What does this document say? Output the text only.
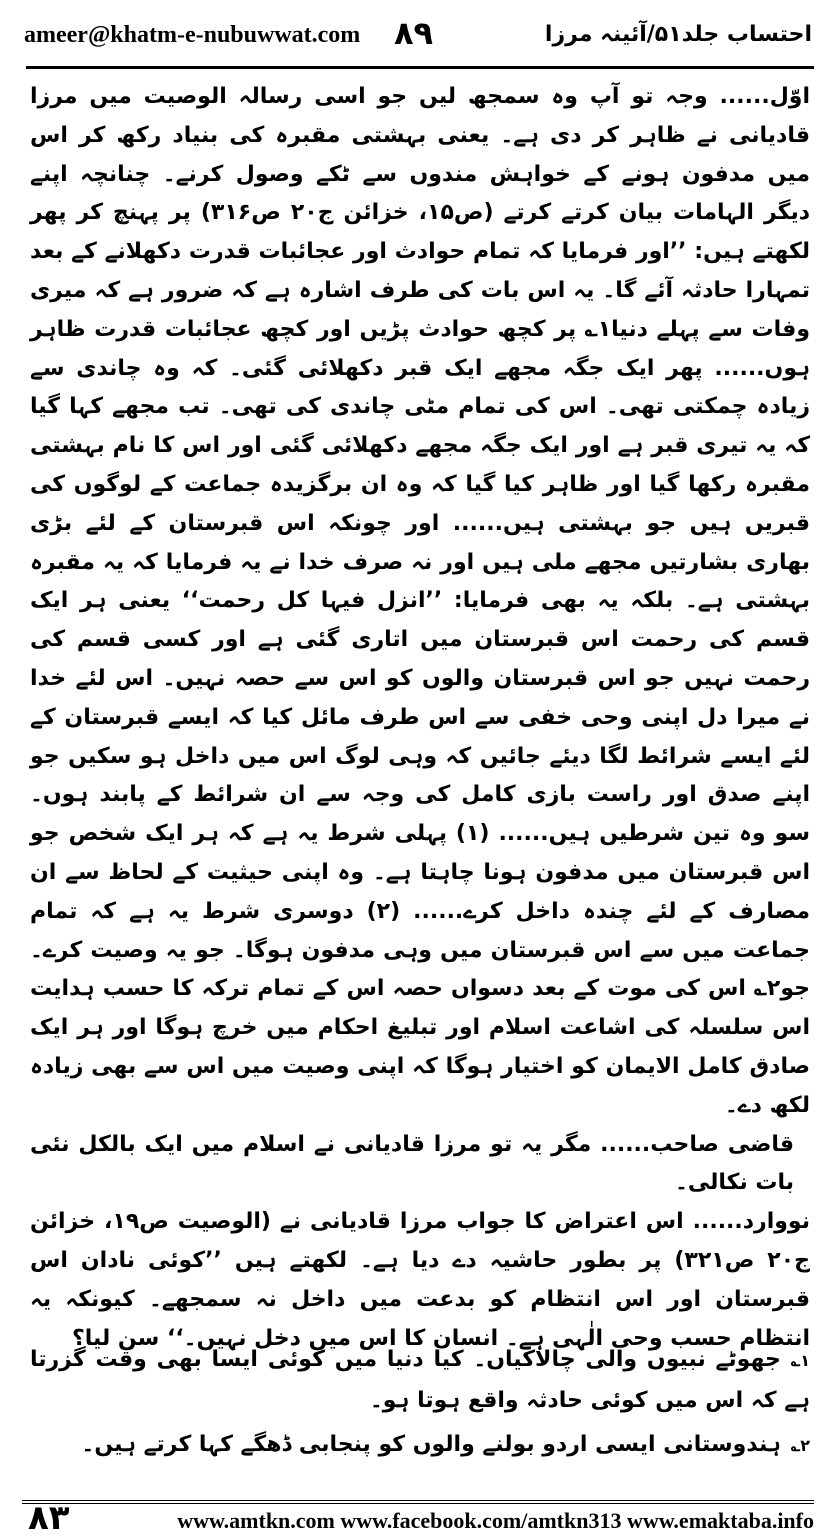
ameer@khatm-e-nubuwwat.com ۸۹	احتساب جلد۵۱/آئینہ مرزا

اوّل...... وجہ تو آپ وہ سمجھ لیں جو اسی رسالہ الوصیت میں مرزا قادیانی نے ظاہر کر دی ہے۔ یعنی بہشتی مقبرہ کی بنیاد رکھ کر اس میں مدفون ہونے کے خواہش مندوں سے ٹکے وصول کرنے۔ چنانچہ اپنے دیگر الہامات بیان کرتے کرتے (ص۱۵، خزائن ج۲۰ ص۳۱۶) پر پہنچ کر پھر لکھتے ہیں: ’’اور فرمایا کہ تمام حوادث اور عجائبات قدرت دکھلانے کے بعد تمہارا حادثہ آئے گا۔ یہ اس بات کی طرف اشارہ ہے کہ ضرور ہے کہ میری وفات سے پہلے دنیا۱؎ پر کچھ حوادث پڑیں اور کچھ عجائبات قدرت ظاہر ہوں...... پھر ایک جگہ مجھے ایک قبر دکھلائی گئی۔ کہ وہ چاندی سے زیادہ چمکتی تھی۔ اس کی تمام مٹی چاندی کی تھی۔ تب مجھے کہا گیا کہ یہ تیری قبر ہے اور ایک جگہ مجھے دکھلائی گئی اور اس کا نام بہشتی مقبرہ رکھا گیا اور ظاہر کیا گیا کہ وہ ان برگزیدہ جماعت کے لوگوں کی قبریں ہیں جو بہشتی ہیں...... اور چونکہ اس قبرستان کے لئے بڑی بھاری بشارتیں مجھے ملی ہیں اور نہ صرف خدا نے یہ فرمایا کہ یہ مقبرہ بہشتی ہے۔ بلکہ یہ بھی فرمایا: ’’انزل فیہا کل رحمت‘‘ یعنی ہر ایک قسم کی رحمت اس قبرستان میں اتاری گئی ہے اور کسی قسم کی رحمت نہیں جو اس قبرستان والوں کو اس سے حصہ نہیں۔ اس لئے خدا نے میرا دل اپنی وحی خفی سے اس طرف مائل کیا کہ ایسے قبرستان کے لئے ایسے شرائط لگا دیئے جائیں کہ وہی لوگ اس میں داخل ہو سکیں جو اپنے صدق اور راست بازی کامل کی وجہ سے ان شرائط کے پابند ہوں۔ سو وہ تین شرطیں ہیں...... (۱) پہلی شرط یہ ہے کہ ہر ایک شخص جو اس قبرستان میں مدفون ہونا چاہتا ہے۔ وہ اپنی حیثیت کے لحاظ سے ان مصارف کے لئے چندہ داخل کرے...... (۲) دوسری شرط یہ ہے کہ تمام جماعت میں سے اس قبرستان میں وہی مدفون ہوگا۔ جو یہ وصیت کرے۔ جو۲؎ اس کی موت کے بعد دسواں حصہ اس کے تمام ترکہ کا حسب ہدایت اس سلسلہ کی اشاعت اسلام اور تبلیغ احکام میں خرچ ہوگا اور ہر ایک صادق کامل الایمان کو اختیار ہوگا کہ اپنی وصیت میں اس سے بھی زیادہ لکھ دے۔

قاضی صاحب...... مگر یہ تو مرزا قادیانی نے اسلام میں ایک بالکل نئی بات نکالی۔

نووارد...... اس اعتراض کا جواب مرزا قادیانی نے (الوصیت ص۱۹، خزائن ج۲۰ ص۳۲۱) پر بطور حاشیہ دے دیا ہے۔ لکھتے ہیں ’’کوئی نادان اس قبرستان اور اس انتظام کو بدعت میں داخل نہ سمجھے۔ کیونکہ یہ انتظام حسب وحی الٰہی ہے۔ انسان کا اس میں دخل نہیں۔‘‘ سن لیا؟

۱؎جھوٹے نبیوں والی چالاکیاں۔ کیا دنیا میں کوئی ایسا بھی وقت گزرتا ہے کہ اس میں کوئی حادثہ واقع ہوتا ہو۔

۲؎ہندوستانی ایسی اردو بولنے والوں کو پنجابی ڈھگے کہا کرتے ہیں۔

۸۳	www.amtkn.com www.facebook.com/amtkn313 www.emaktaba.info
